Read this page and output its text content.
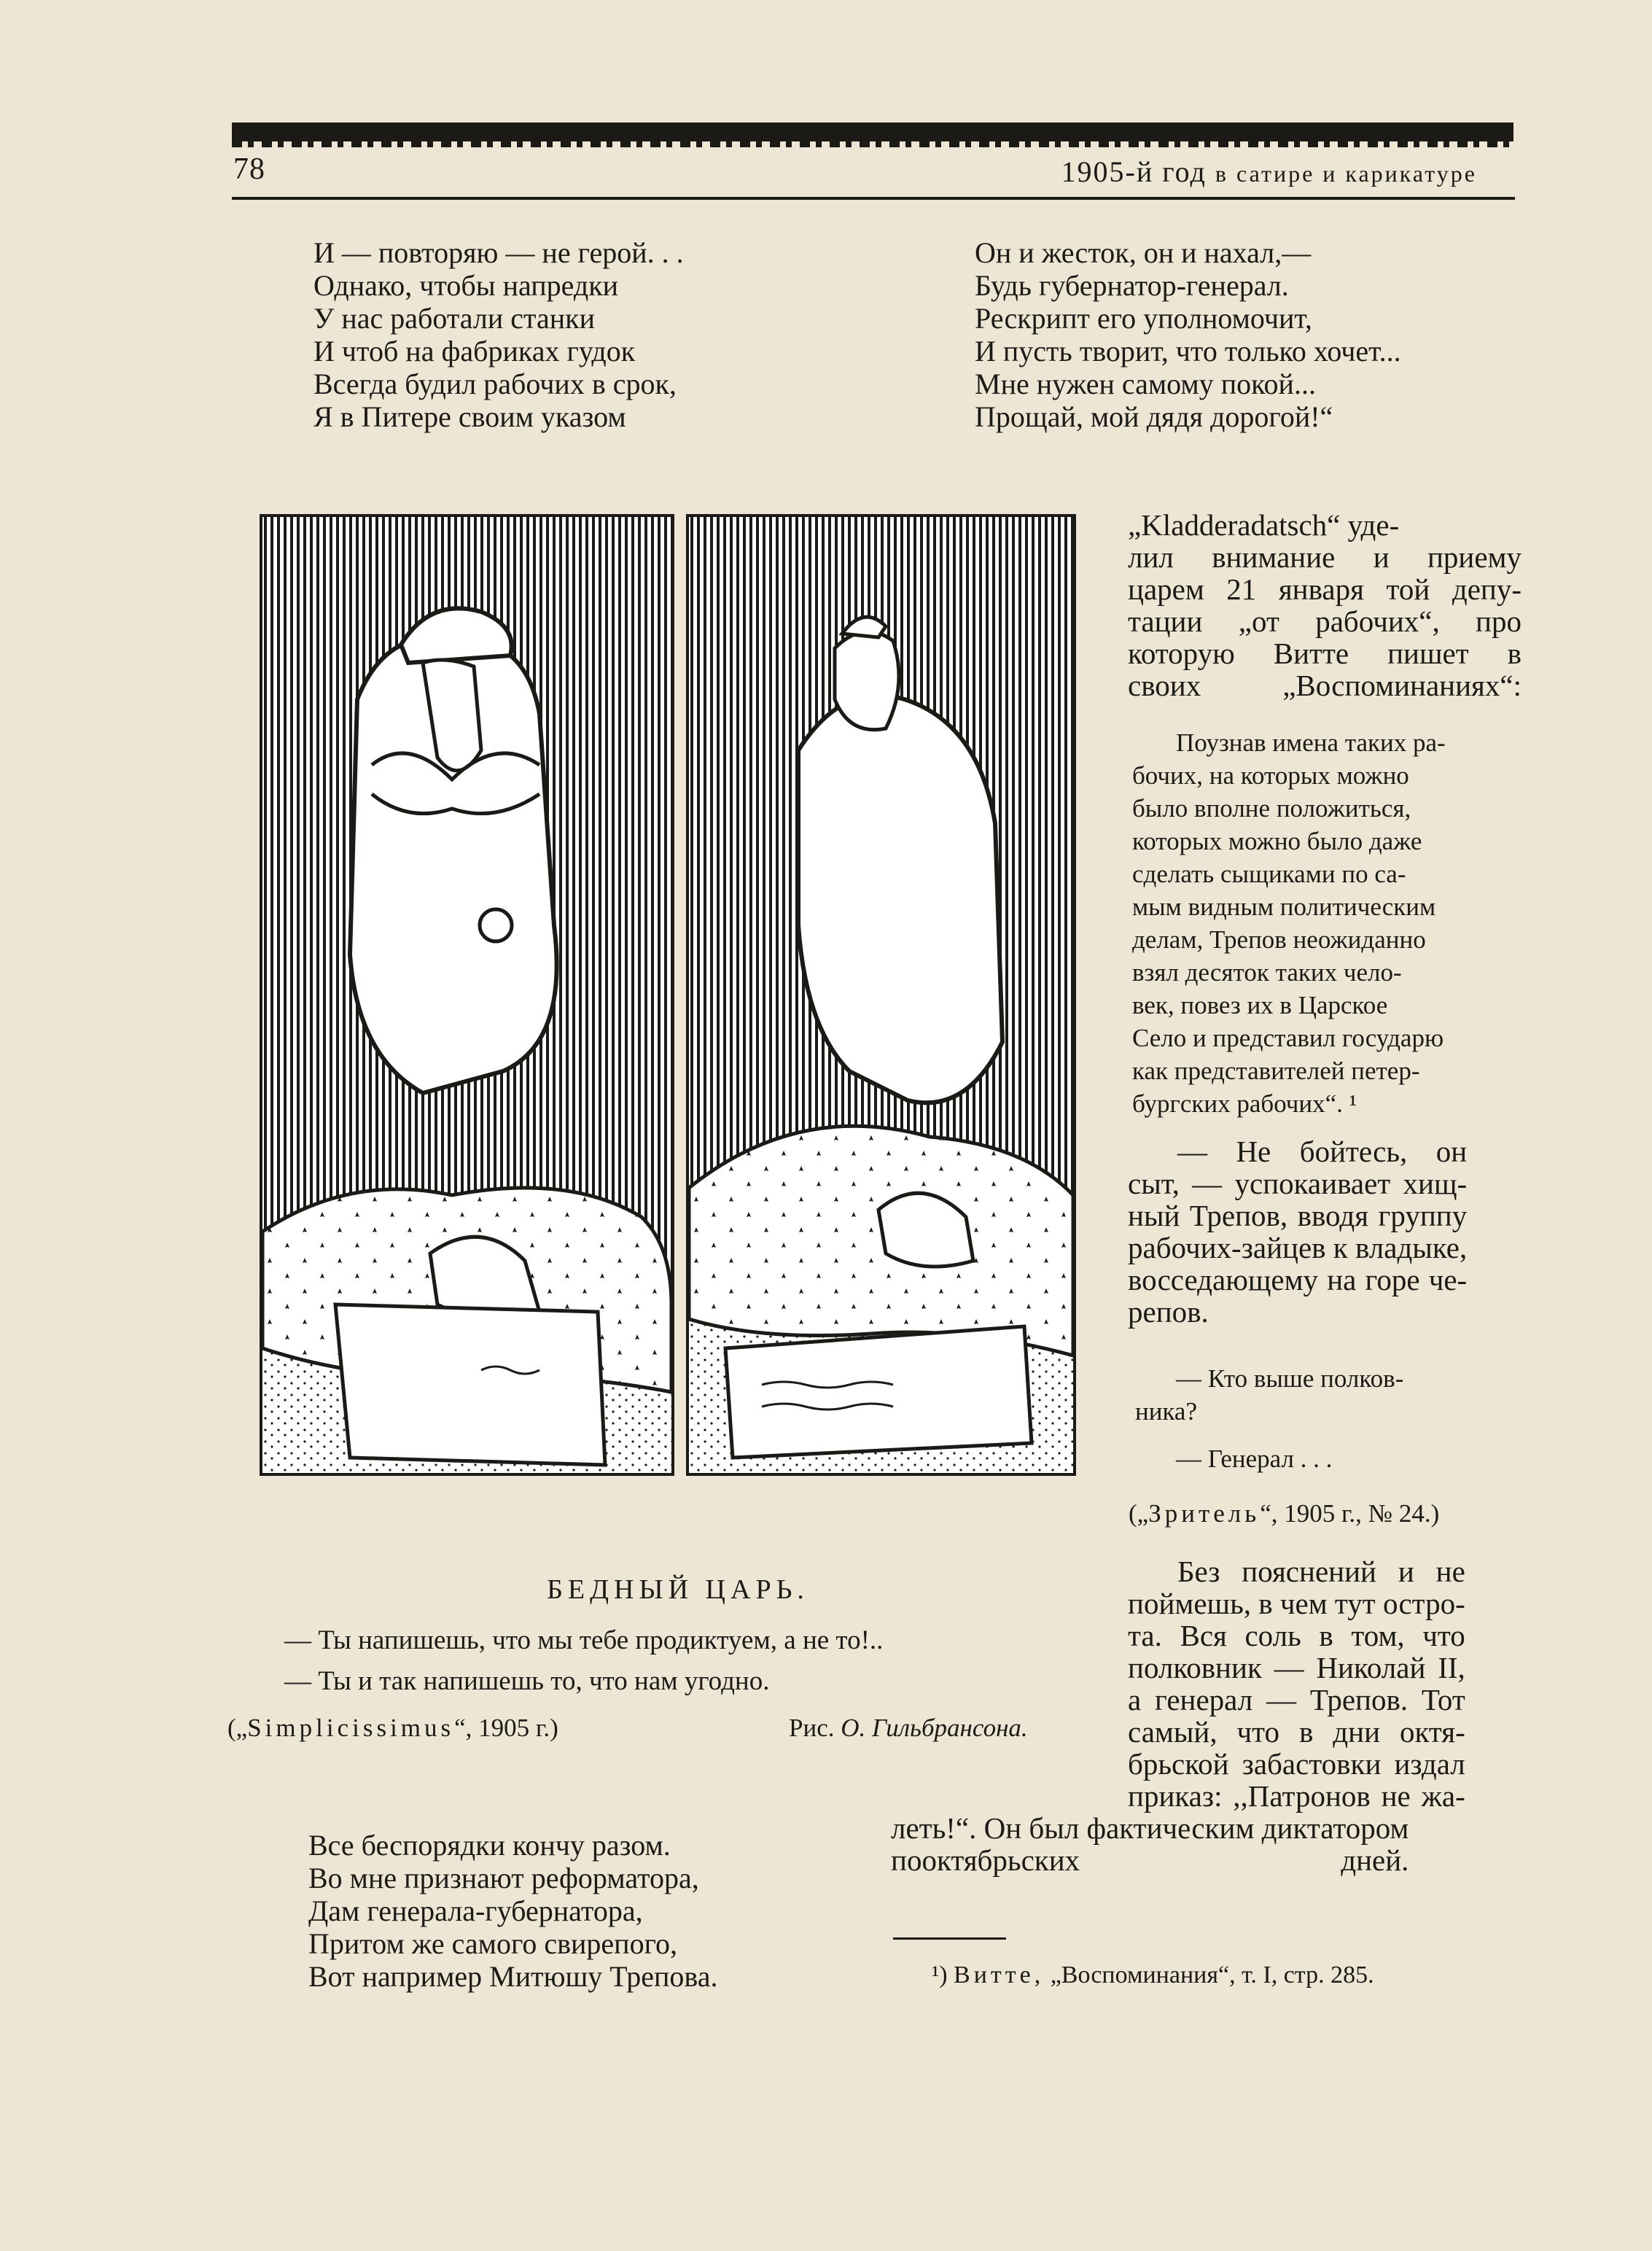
78	1905-й год в сатире и карикатуре
И — повторяю — не герой. . .
Однако, чтобы напредки
У нас работали станки
И чтоб на фабриках гудок
Всегда будил рабочих в срок,
Я в Питере своим указом
Он и жесток, он и нахал,—
Будь губернатор-генерал.
Рескрипт его уполномочит,
И пусть творит, что только хочет...
Мне нужен самому покой...
Прощай, мой дядя дорогой!“
БЕДНЫЙ ЦАРЬ.
— Ты напишешь, что мы тебе продиктуем, а не то!..
— Ты и так напишешь то, что нам угодно.
(„Simplicissimus“, 1905 г.)	Рис. О. Гильбрансона.
Все беспорядки кончу разом.
Во мне признают реформатора,
Дам генерала-губернатора,
Притом же самого свирепого,
Вот например Митюшу Трепова.
„Kladderadatsch“ уде-
лил внимание и приему
царем 21 января той депу-
тации „от рабочих“, про
которую Витте пишет в
своих „Воспоминаниях“:
Поузнав имена таких ра-
бочих, на которых можно
было вполне положиться,
которых можно было даже
сделать сыщиками по са-
мым видным политическим
делам, Трепов неожиданно
взял десяток таких чело-
век, повез их в Царское
Село и представил государю
как представителей петер-
бургских рабочих“. ¹
— Не бойтесь, он
сыт, — успокаивает хищ-
ный Трепов, вводя группу
рабочих-зайцев к владыке,
восседающему на горе че-
репов.
— Кто выше полков-
ника?
— Генерал . . .
(„Зритель“, 1905 г., № 24.)
Без пояснений и не
поймешь, в чем тут остро-
та. Вся соль в том, что
полковник — Николай II,
а генерал — Трепов. Тот
самый, что в дни октя-
брьской забастовки издал
приказ: ,,Патронов не жа-
леть!“. Он был фактическим диктатором
пооктябрьских дней.
¹) Витте, „Воспоминания“, т. I, стр. 285.
